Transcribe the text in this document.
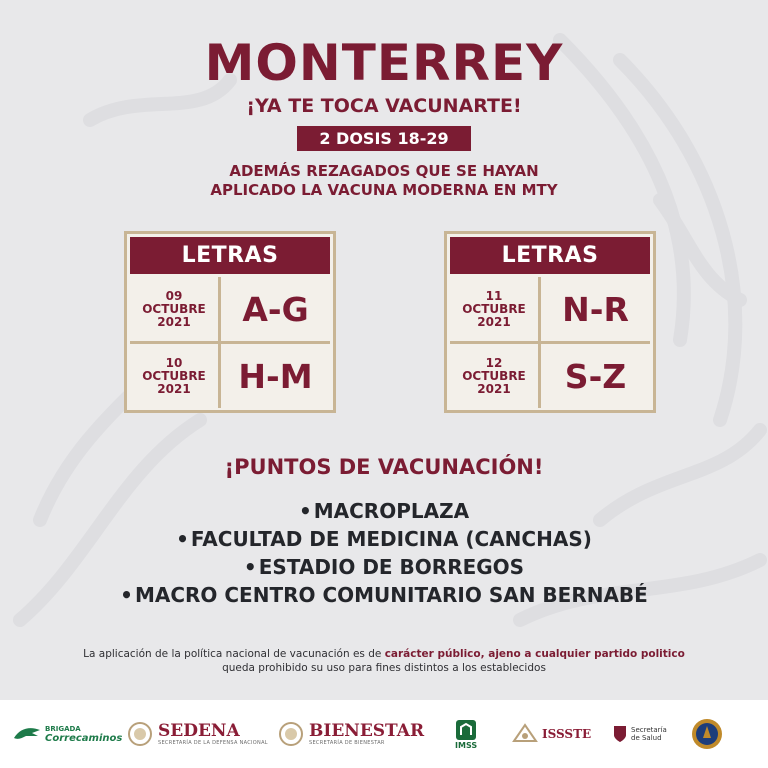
MONTERREY
¡YA TE TOCA VACUNARTE!
2 DOSIS 18-29
ADEMÁS REZAGADOS QUE SE HAYAN
APLICADO LA VACUNA MODERNA EN MTY
LETRAS
09
OCTUBRE
2021	A-G
10
OCTUBRE
2021	H-M
LETRAS
11
OCTUBRE
2021	N-R
12
OCTUBRE
2021	S-Z
¡PUNTOS DE VACUNACIÓN!
• MACROPLAZA
• FACULTAD DE MEDICINA (CANCHAS)
• ESTADIO DE BORREGOS
• MACRO CENTRO COMUNITARIO SAN BERNABÉ
La aplicación de la política nacional de vacunación es de carácter público, ajeno a cualquier partido politico
queda prohibido su uso para fines distintos a los establecidos
BRIGADA
Correcaminos SEDENA
SECRETARÍA DE LA DEFENSA NACIONAL
BIENESTAR
SECRETARÍA DE BIENESTAR	IMSS
ISSSTE	Secretaría
de Salud
